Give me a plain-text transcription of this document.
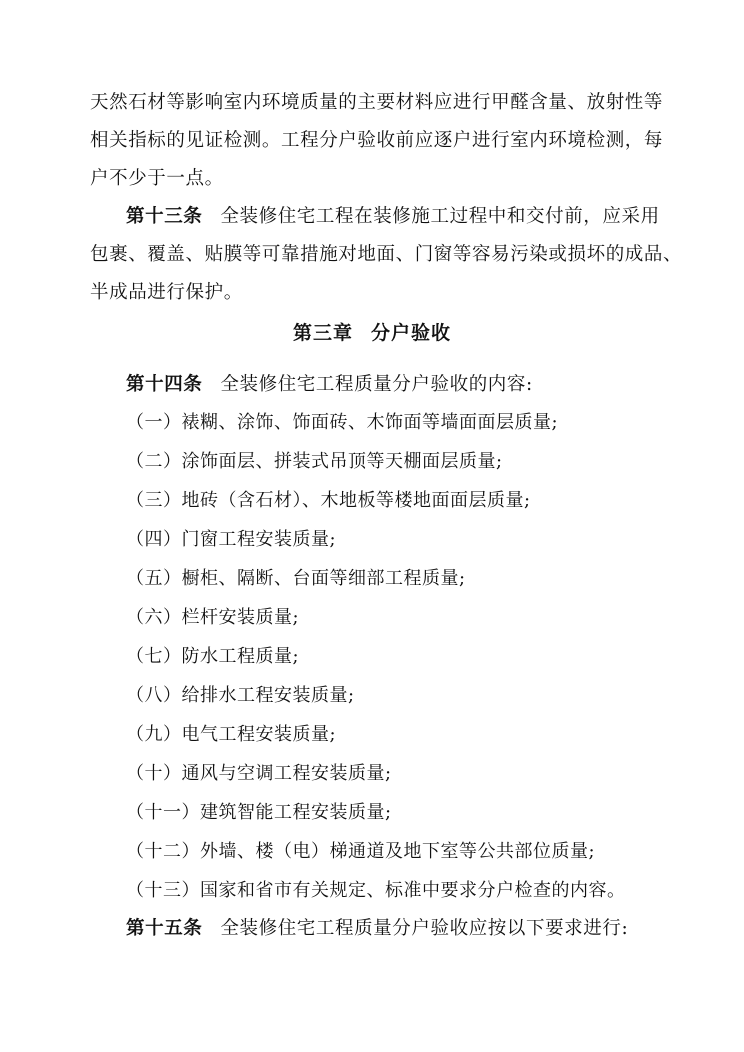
天然石材等影响室内环境质量的主要材料应进行甲醛含量、放射性等
相关指标的见证检测。工程分户验收前应逐户进行室内环境检测，每
户不少于一点。
第十三条 全装修住宅工程在装修施工过程中和交付前，应采用
包裹、覆盖、贴膜等可靠措施对地面、门窗等容易污染或损坏的成品、
半成品进行保护。
第三章 分户验收
第十四条 全装修住宅工程质量分户验收的内容:
（一）裱糊、涂饰、饰面砖、木饰面等墙面面层质量;
（二）涂饰面层、拼装式吊顶等天棚面层质量;
（三）地砖（含石材）、木地板等楼地面面层质量;
（四）门窗工程安装质量;
（五）橱柜、隔断、台面等细部工程质量;
（六）栏杆安装质量;
（七）防水工程质量;
（八）给排水工程安装质量;
（九）电气工程安装质量;
（十）通风与空调工程安装质量;
（十一）建筑智能工程安装质量;
（十二）外墙、楼（电）梯通道及地下室等公共部位质量;
（十三）国家和省市有关规定、标准中要求分户检查的内容。
第十五条 全装修住宅工程质量分户验收应按以下要求进行:
